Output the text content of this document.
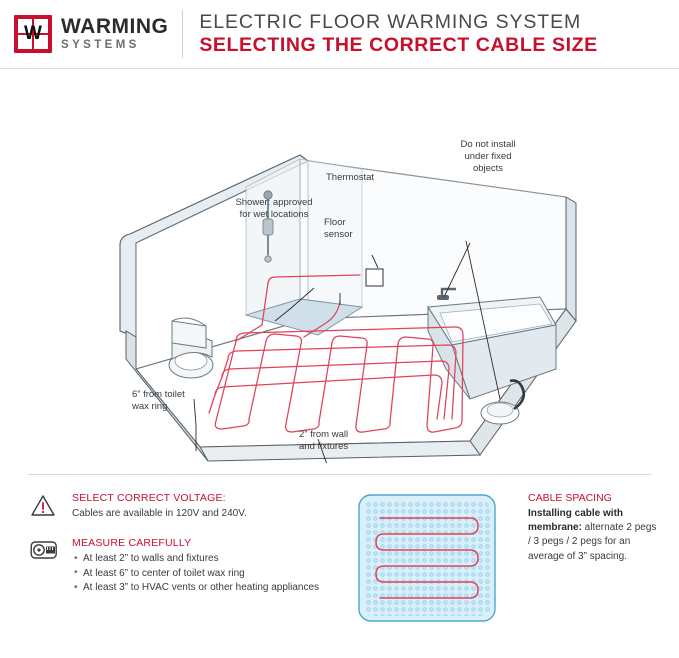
W WARMING
SYSTEMS
ELECTRIC FLOOR WARMING SYSTEM
SELECTING THE CORRECT CABLE SIZE
Shower: approved
for wet locations
Thermostat
Floor
sensor
Do not install
under fixed
objects
6” from toilet
wax ring
2” from wall
and fixtures
SELECT CORRECT VOLTAGE:
Cables are available in 120V and 240V.
MEASURE CAREFULLY
• At least 2” to walls and fixtures
• At least 6” to center of toilet wax ring
• At least 3” to HVAC vents or other heating appliances
CABLE SPACING
Installing cable with membrane: alternate 2 pegs / 3 pegs / 2 pegs for an average of 3” spacing.
